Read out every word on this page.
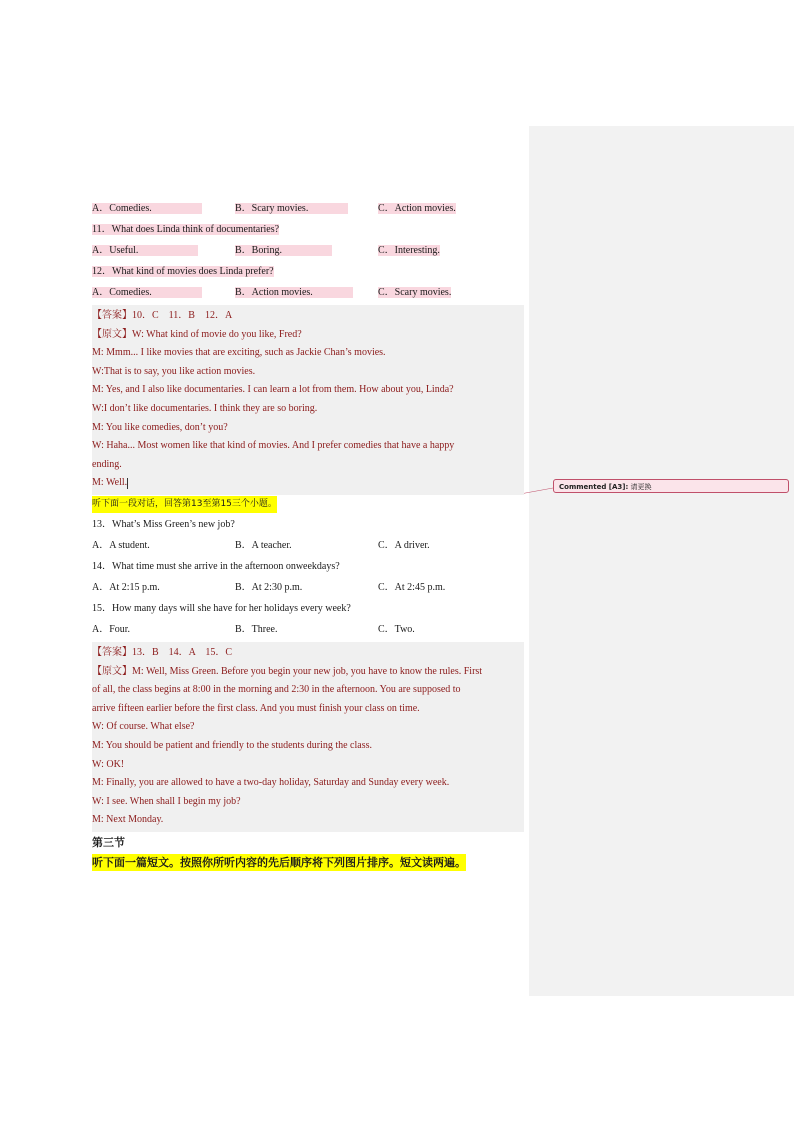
Commented [A3]: 请更换
A．Comedies.     	B．Scary movies.    	C．Action movies.
11．What does Linda think of documentaries?
A．Useful.      	B．Boring.     	C．Interesting.
12．What kind of movies does Linda prefer?
A．Comedies.     	B．Action movies.    	C．Scary movies.
【答案】10．C　11．B　12．A
【原文】W: What kind of movie do you like, Fred?
M: Mmm... I like movies that are exciting, such as Jackie Chan’s movies.
W:That is to say, you like action movies.
M: Yes, and I also like documentaries. I can learn a lot from them. How about you, Linda?
W:I don’t like documentaries. I think they are so boring.
M: You like comedies, don’t you?
W: Haha... Most women like that kind of movies. And I prefer comedies that have a happy
ending.
M: Well.
听下面一段对话，回答第13至第15三个小题。
13．What’s Miss Green’s new job?
A．A student.	B．A teacher.	C．A driver.
14．What time must she arrive in the afternoon onweekdays?
A．At 2:15 p.m.	B．At 2:30 p.m.	C．At 2:45 p.m.
15．How many days will she have for her holidays every week?
A．Four.	B．Three.	C．Two.
【答案】13．B　14．A　15．C
【原文】M: Well, Miss Green. Before you begin your new job, you have to know the rules. First
of all, the class begins at 8:00 in the morning and 2:30 in the afternoon. You are supposed to
arrive fifteen earlier before the first class. And you must finish your class on time.
W: Of course. What else?
M: You should be patient and friendly to the students during the class.
W: OK!
M: Finally, you are allowed to have a two-day holiday, Saturday and Sunday every week.
W: I see. When shall I begin my job?
M: Next Monday.
第三节
听下面一篇短文。按照你所听内容的先后顺序将下列图片排序。短文读两遍。
